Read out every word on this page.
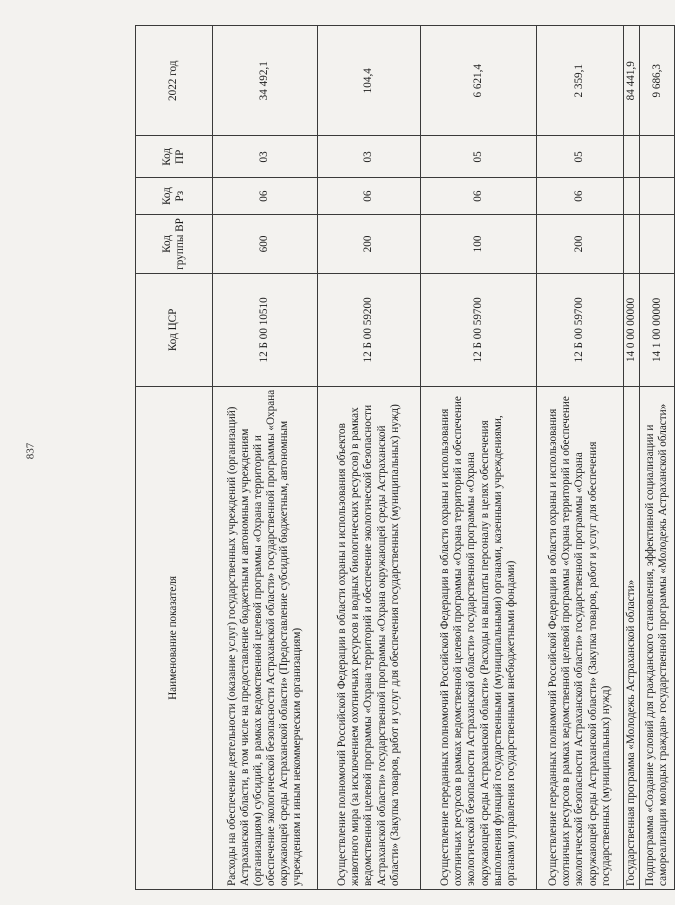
837
Наименование показателя	Код ЦСР	Код группы ВР	Код Рз	Код ПР	2022 год
Расходы на обеспечение деятельности (оказание услуг) государственных учреждений (организаций) Астраханской области, в том числе на предоставление бюджетным и автономным учреждениям (организациям) субсидий, в рамках ведомственной целевой программы «Охрана территорий и обеспечение экологической безопасности Астраханской области» государственной программы «Охрана окружающей среды Астраханской области» (Предоставление субсидий бюджетным, автономным учреждениям и иным некоммерческим организациям)	12 Б 00 10510	600	06	03	34 492,1
Осуществление полномочий Российской Федерации в области охраны и использования объектов животного мира (за исключением охотничьих ресурсов и водных биологических ресурсов) в рамках ведомственной целевой программы «Охрана территорий и обеспечение экологической безопасности Астраханской области» государственной программы «Охрана окружающей среды Астраханской области» (Закупка товаров, работ и услуг для обеспечения государственных (муниципальных) нужд)	12 Б 00 59200	200	06	03	104,4
Осуществление переданных полномочий Российской Федерации в области охраны и использования охотничьих ресурсов в рамках ведомственной целевой программы «Охрана территорий и обеспечение экологической безопасности Астраханской области» государственной программы «Охрана окружающей среды Астраханской области» (Расходы на выплаты персоналу в целях обеспечения выполнения функций государственными (муниципальными) органами, казенными учреждениями, органами управления государственными внебюджетными фондами)	12 Б 00 59700	100	06	05	6 621,4
Осуществление переданных полномочий Российской Федерации в области охраны и использования охотничьих ресурсов в рамках ведомственной целевой программы «Охрана территорий и обеспечение экологической безопасности Астраханской области» государственной программы «Охрана окружающей среды Астраханской области» (Закупка товаров, работ и услуг для обеспечения государственных (муниципальных) нужд)	12 Б 00 59700	200	06	05	2 359,1
Государственная программа «Молодежь Астраханской области»	14 0 00 00000				84 441,9
Подпрограмма «Создание условий для гражданского становления, эффективной социализации и самореализации молодых граждан» государственной программы «Молодежь Астраханской области»	14 1 00 00000				9 686,3
